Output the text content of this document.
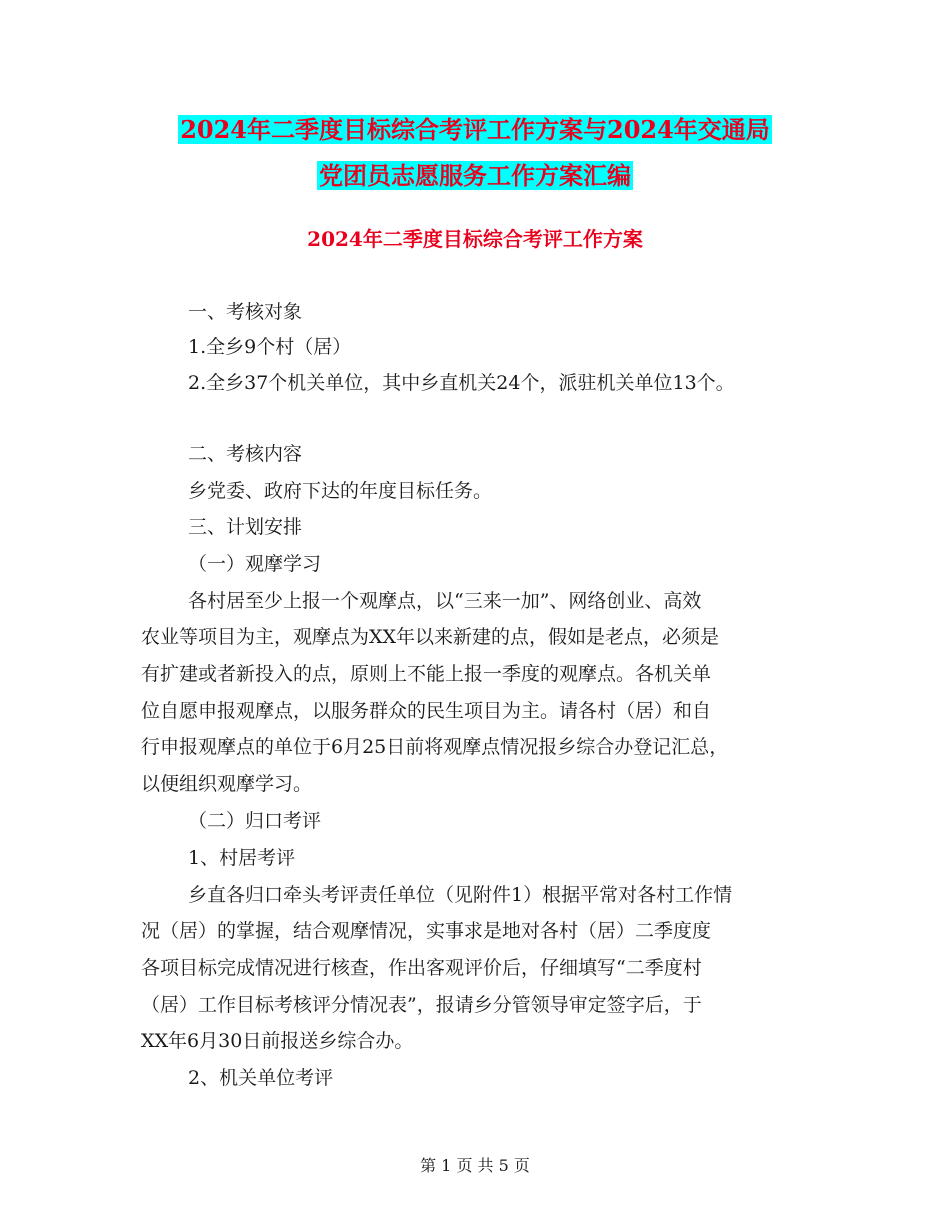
2024年二季度目标综合考评工作方案与2024年交通局
党团员志愿服务工作方案汇编
2024年二季度目标综合考评工作方案

一、考核对象

1.全乡9个村（居）

2.全乡37个机关单位，其中乡直机关24个，派驻机关单位13个。

二、考核内容

乡党委、政府下达的年度目标任务。

三、计划安排

（一）观摩学习

各村居至少上报一个观摩点，以“三来一加”、网络创业、高效

农业等项目为主，观摩点为XX年以来新建的点，假如是老点，必须是

有扩建或者新投入的点，原则上不能上报一季度的观摩点。各机关单

位自愿申报观摩点，以服务群众的民生项目为主。请各村（居）和自

行申报观摩点的单位于6月25日前将观摩点情况报乡综合办登记汇总，

以便组织观摩学习。

（二）归口考评

1、村居考评

乡直各归口牵头考评责任单位（见附件1）根据平常对各村工作情

况（居）的掌握，结合观摩情况，实事求是地对各村（居）二季度度

各项目标完成情况进行核查，作出客观评价后，仔细填写“二季度村

（居）工作目标考核评分情况表”，报请乡分管领导审定签字后，于

XX年6月30日前报送乡综合办。

2、机关单位考评

第 1 页 共 5 页
